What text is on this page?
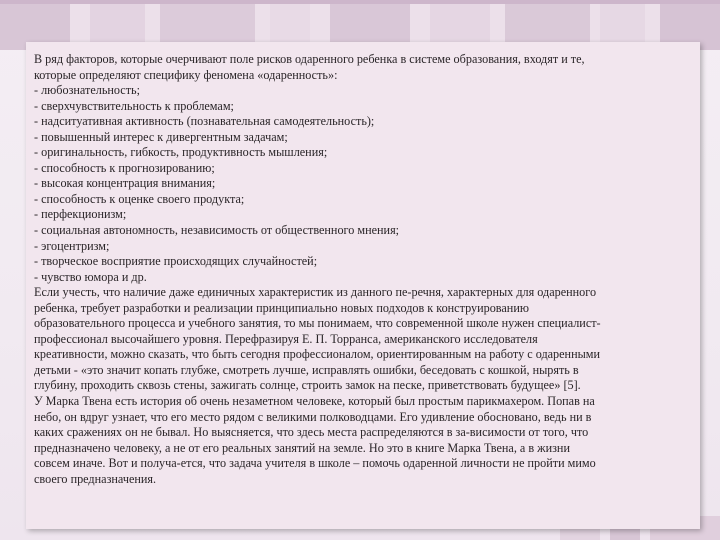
В ряд факторов, которые очерчивают поле рисков одаренного ребенка в системе образования, входят и те,
которые определяют специфику феномена «одаренность»:
- любознательность;
- сверхчувствительность к проблемам;
- надситуативная активность (познавательная самодеятельность);
- повышенный интерес к дивергентным задачам;
- оригинальность, гибкость, продуктивность мышления;
- способность к прогнозированию;
- высокая концентрация внимания;
- способность к оценке своего продукта;
- перфекционизм;
- социальная автономность, независимость от общественного мнения;
- эгоцентризм;
- творческое восприятие происходящих случайностей;
- чувство юмора и др.
Если учесть, что наличие даже единичных характеристик из данного пе-речня, характерных для одаренного
ребенка, требует разработки и реализации принципиально новых подходов к конструированию
образовательного процесса и учебного занятия, то мы понимаем, что современной школе нужен специалист-
профессионал высочайшего уровня. Перефразируя Е. П. Торранса, американского исследователя
креативности, можно сказать, что быть сегодня профессионалом, ориентированным на работу с одаренными
детьми - «это значит копать глубже, смотреть лучше, исправлять ошибки, беседовать с кошкой, нырять в
глубину, проходить сквозь стены, зажигать солнце, строить замок на песке, приветствовать будущее» [5].
У Марка Твена есть история об очень незаметном человеке, который был простым парикмахером. Попав на
небо, он вдруг узнает, что его место рядом с великими полководцами. Его удивление обосновано, ведь ни в
каких сражениях он не бывал. Но выясняется, что здесь места распределяются в за-висимости от того, что
предназначено человеку, а не от его реальных занятий на земле. Но это в книге Марка Твена, а в жизни
совсем иначе. Вот и получа-ется, что задача учителя в школе – помочь одаренной личности не пройти мимо
своего предназначения.
